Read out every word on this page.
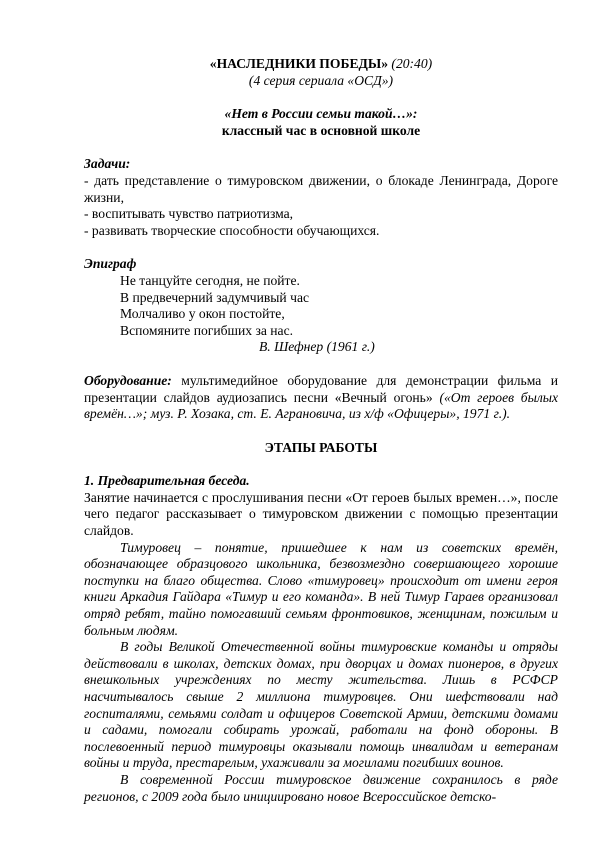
«НАСЛЕДНИКИ ПОБЕДЫ» (20:40)

(4 серия сериала «ОСД»)

«Нет в России семьи такой…»:

классный час в основной школе

Задачи:

- дать представление о тимуровском движении, о блокаде Ленинграда, Дороге жизни,

- воспитывать чувство патриотизма,

- развивать творческие способности обучающихся.

Эпиграф

Не танцуйте сегодня, не пойте.

В предвечерний задумчивый час

Молчаливо у окон постойте,

Вспомяните погибших за нас.

В. Шефнер (1961 г.)

Оборудование: мультимедийное оборудование для демонстрации фильма и презентации слайдов аудиозапись песни «Вечный огонь» («От героев былых времён…»; муз. Р. Хозака, ст. Е. Аграновича, из х/ф «Офицеры», 1971 г.).

ЭТАПЫ РАБОТЫ

1. Предварительная беседа.

Занятие начинается с прослушивания песни «От героев былых времен…», после чего педагог рассказывает о тимуровском движении с помощью презентации слайдов.

Тимуровец – понятие, пришедшее к нам из советских времён, обозначающее образцового школьника, безвозмездно совершающего хорошие поступки на благо общества. Слово «тимуровец» происходит от имени героя книги Аркадия Гайдара «Тимур и его команда». В ней Тимур Гараев организовал отряд ребят, тайно помогавший семьям фронтовиков, женщинам, пожилым и больным людям.

В годы Великой Отечественной войны тимуровские команды и отряды действовали в школах, детских домах, при дворцах и домах пионеров, в других внешкольных учреждениях по месту жительства. Лишь в РСФСР насчитывалось свыше 2 миллиона тимуровцев. Они шефствовали над госпиталями, семьями солдат и офицеров Советской Армии, детскими домами и садами, помогали собирать урожай, работали на фонд обороны. В послевоенный период тимуровцы оказывали помощь инвалидам и ветеранам войны и труда, престарелым, ухаживали за могилами погибших воинов.

В современной России тимуровское движение сохранилось в ряде регионов, с 2009 года было инициировано новое Всероссийское детско-
